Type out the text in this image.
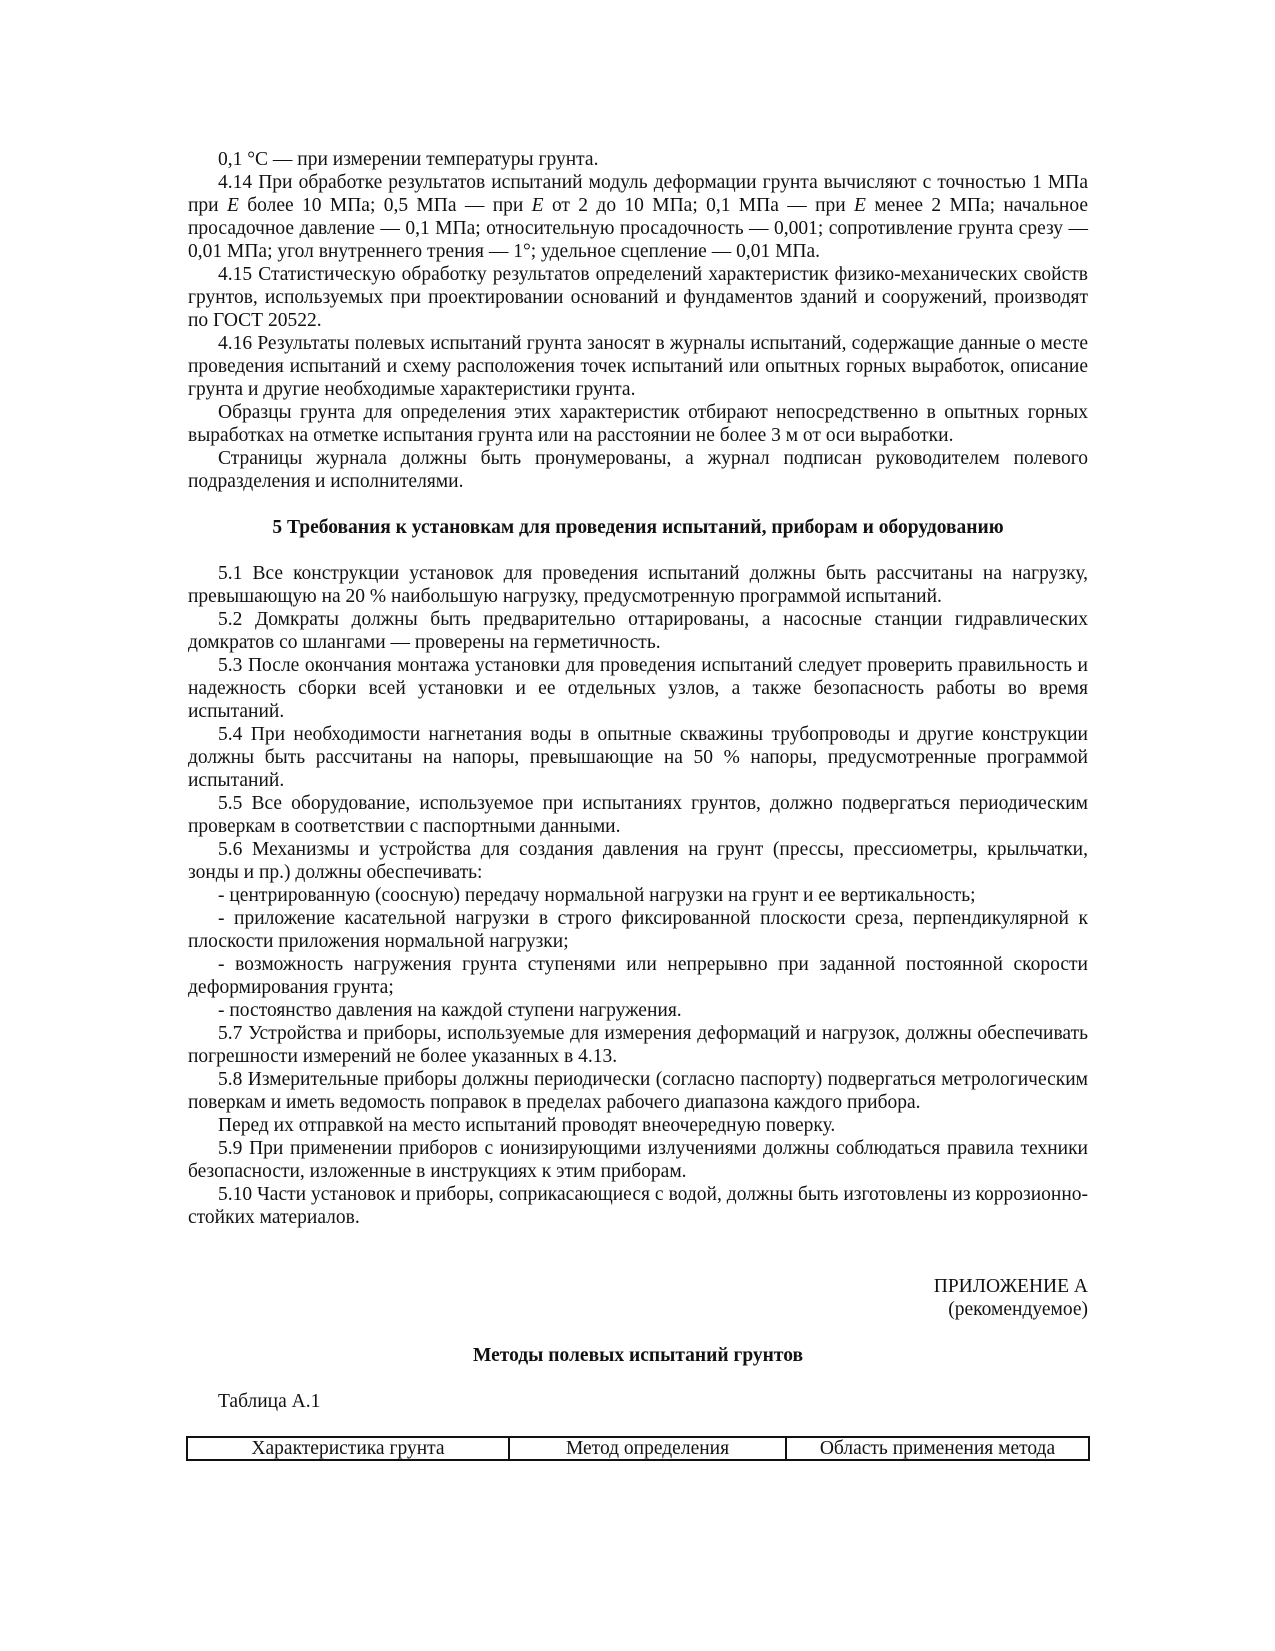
0,1 °С — при измерении температуры грунта.

4.14 При обработке результатов испытаний модуль деформации грунта вычисляют с точностью 1 МПа при E более 10 МПа; 0,5 МПа — при E от 2 до 10 МПа; 0,1 МПа — при E менее 2 МПа; начальное просадочное давление — 0,1 МПа; относительную просадочность — 0,001; сопротивление грунта срезу — 0,01 МПа; угол внутреннего трения — 1°; удельное сцепление — 0,01 МПа.

4.15 Статистическую обработку результатов определений характеристик физико-механических свойств грунтов, используемых при проектировании оснований и фундаментов зданий и сооружений, производят по ГОСТ 20522.

4.16 Результаты полевых испытаний грунта заносят в журналы испытаний, содержащие данные о месте проведения испытаний и схему расположения точек испытаний или опытных горных выработок, описание грунта и другие необходимые характеристики грунта.

Образцы грунта для определения этих характеристик отбирают непосредственно в опытных горных выработках на отметке испытания грунта или на расстоянии не более 3 м от оси выработки.

Страницы журнала должны быть пронумерованы, а журнал подписан руководителем полевого подразделения и исполнителями.

5 Требования к установкам для проведения испытаний, приборам и оборудованию

5.1 Все конструкции установок для проведения испытаний должны быть рассчитаны на нагрузку, превышающую на 20 % наибольшую нагрузку, предусмотренную программой испытаний.

5.2 Домкраты должны быть предварительно оттарированы, а насосные станции гидравлических домкратов со шлангами — проверены на герметичность.

5.3 После окончания монтажа установки для проведения испытаний следует проверить правильность и надежность сборки всей установки и ее отдельных узлов, а также безопасность работы во время испытаний.

5.4 При необходимости нагнетания воды в опытные скважины трубопроводы и другие конструкции должны быть рассчитаны на напоры, превышающие на 50 % напоры, предусмотренные программой испытаний.

5.5 Все оборудование, используемое при испытаниях грунтов, должно подвергаться периодическим проверкам в соответствии с паспортными данными.

5.6 Механизмы и устройства для создания давления на грунт (прессы, прессиометры, крыльчатки, зонды и пр.) должны обеспечивать:

- центрированную (соосную) передачу нормальной нагрузки на грунт и ее вертикальность;

- приложение касательной нагрузки в строго фиксированной плоскости среза, перпендикулярной к плоскости приложения нормальной нагрузки;

- возможность нагружения грунта ступенями или непрерывно при заданной постоянной скорости деформирования грунта;

- постоянство давления на каждой ступени нагружения.

5.7 Устройства и приборы, используемые для измерения деформаций и нагрузок, должны обеспечивать погрешности измерений не более указанных в 4.13.

5.8 Измерительные приборы должны периодически (согласно паспорту) подвергаться метрологическим поверкам и иметь ведомость поправок в пределах рабочего диапазона каждого прибора.

Перед их отправкой на место испытаний проводят внеочередную поверку.

5.9 При применении приборов с ионизирующими излучениями должны соблюдаться правила техники безопасности, изложенные в инструкциях к этим приборам.

5.10 Части установок и приборы, соприкасающиеся с водой, должны быть изготовлены из коррозионно-стойких материалов.

ПРИЛОЖЕНИЕ А
(рекомендуемое)

Методы полевых испытаний грунтов

Таблица А.1

Характеристика грунта	Метод определения	Область применения метода
